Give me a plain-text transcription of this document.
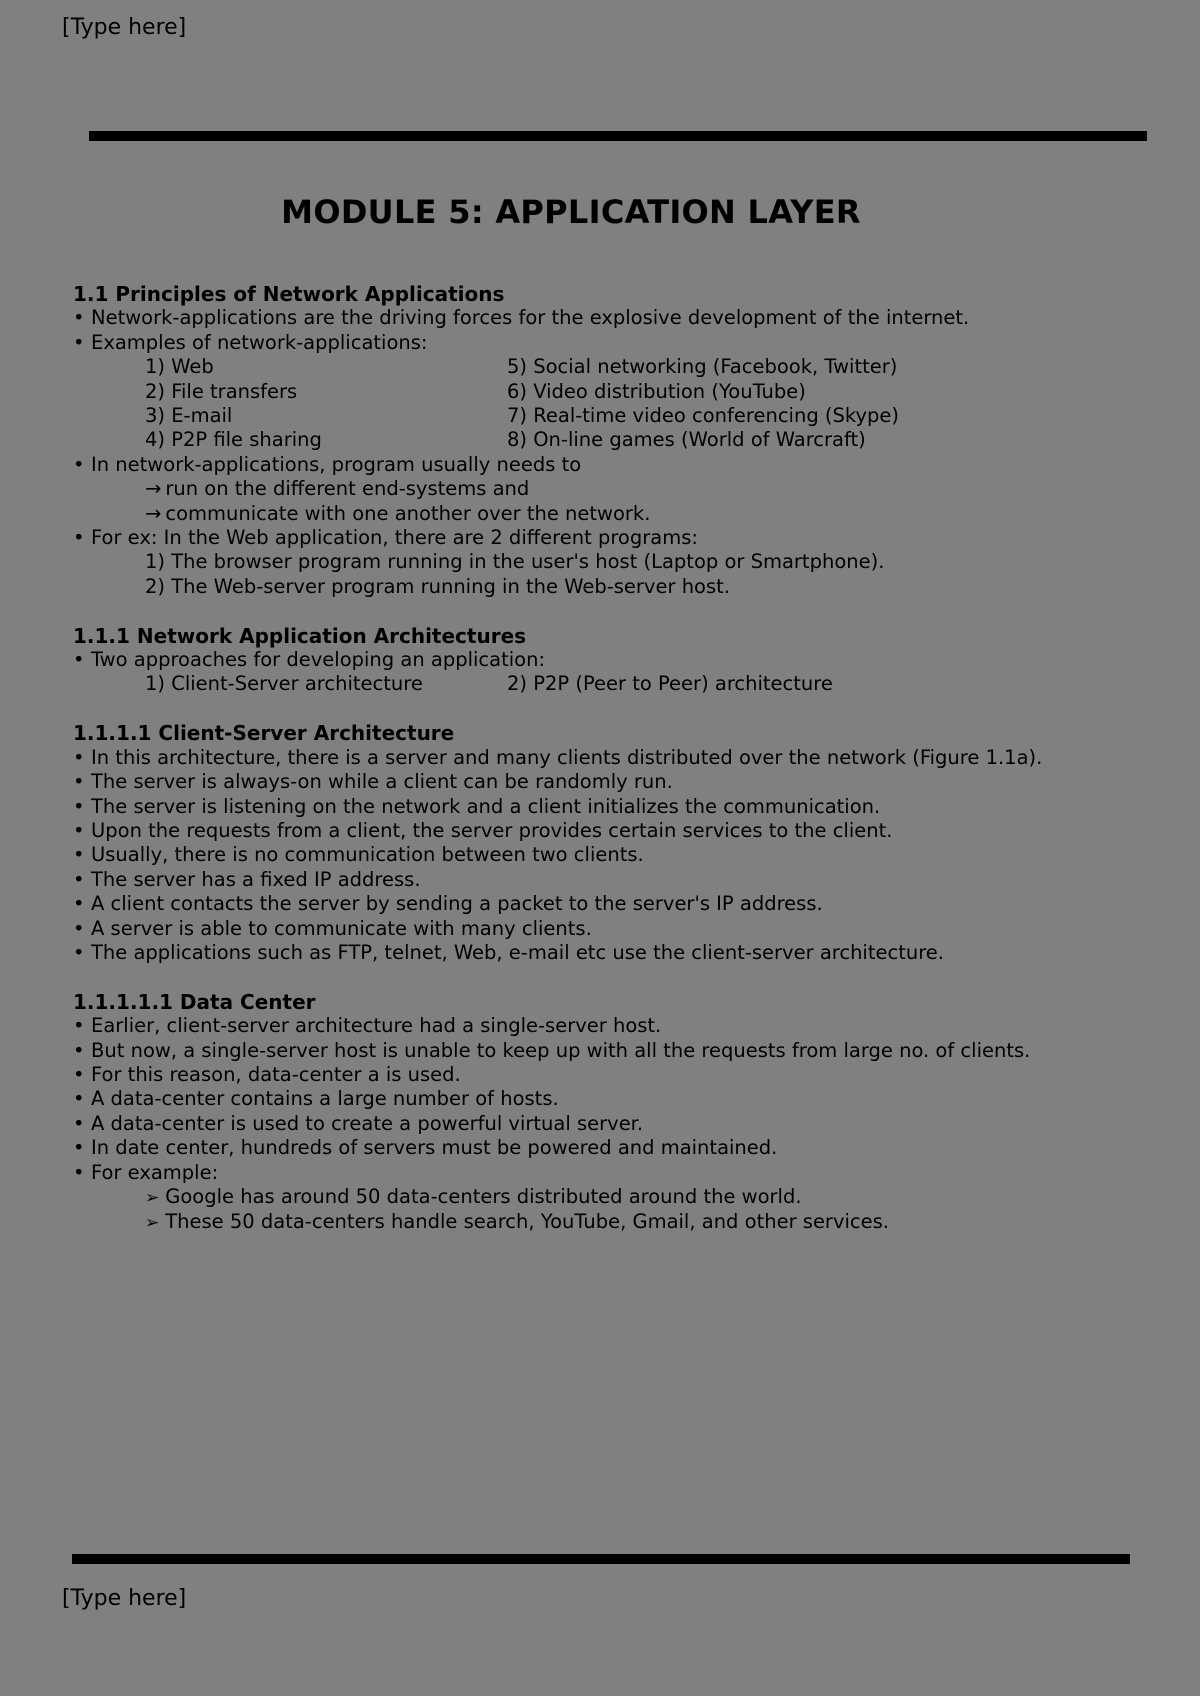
[Type here]
MODULE 5: APPLICATION LAYER
1.1 Principles of Network Applications
• Network-applications are the driving forces for the explosive development of the internet.
• Examples of network-applications:
1) Web	5) Social networking (Facebook, Twitter)
2) File transfers	6) Video distribution (YouTube)
3) E-mail	7) Real-time video conferencing (Skype)
4) P2P file sharing	8) On-line games (World of Warcraft)
• In network-applications, program usually needs to
→ run on the different end-systems and
→ communicate with one another over the network.
• For ex: In the Web application, there are 2 different programs:
1) The browser program running in the user's host (Laptop or Smartphone).
2) The Web-server program running in the Web-server host.
1.1.1 Network Application Architectures
• Two approaches for developing an application:
1) Client-Server architecture	2) P2P (Peer to Peer) architecture
1.1.1.1 Client-Server Architecture
• In this architecture, there is a server and many clients distributed over the network (Figure 1.1a).
• The server is always-on while a client can be randomly run.
• The server is listening on the network and a client initializes the communication.
• Upon the requests from a client, the server provides certain services to the client.
• Usually, there is no communication between two clients.
• The server has a fixed IP address.
• A client contacts the server by sending a packet to the server's IP address.
• A server is able to communicate with many clients.
• The applications such as FTP, telnet, Web, e-mail etc use the client-server architecture.
1.1.1.1.1 Data Center
• Earlier, client-server architecture had a single-server host.
• But now, a single-server host is unable to keep up with all the requests from large no. of clients.
• For this reason, data-center a is used.
• A data-center contains a large number of hosts.
• A data-center is used to create a powerful virtual server.
• In date center, hundreds of servers must be powered and maintained.
• For example:
➢ Google has around 50 data-centers distributed around the world.
➢ These 50 data-centers handle search, YouTube, Gmail, and other services.
[Type here]
